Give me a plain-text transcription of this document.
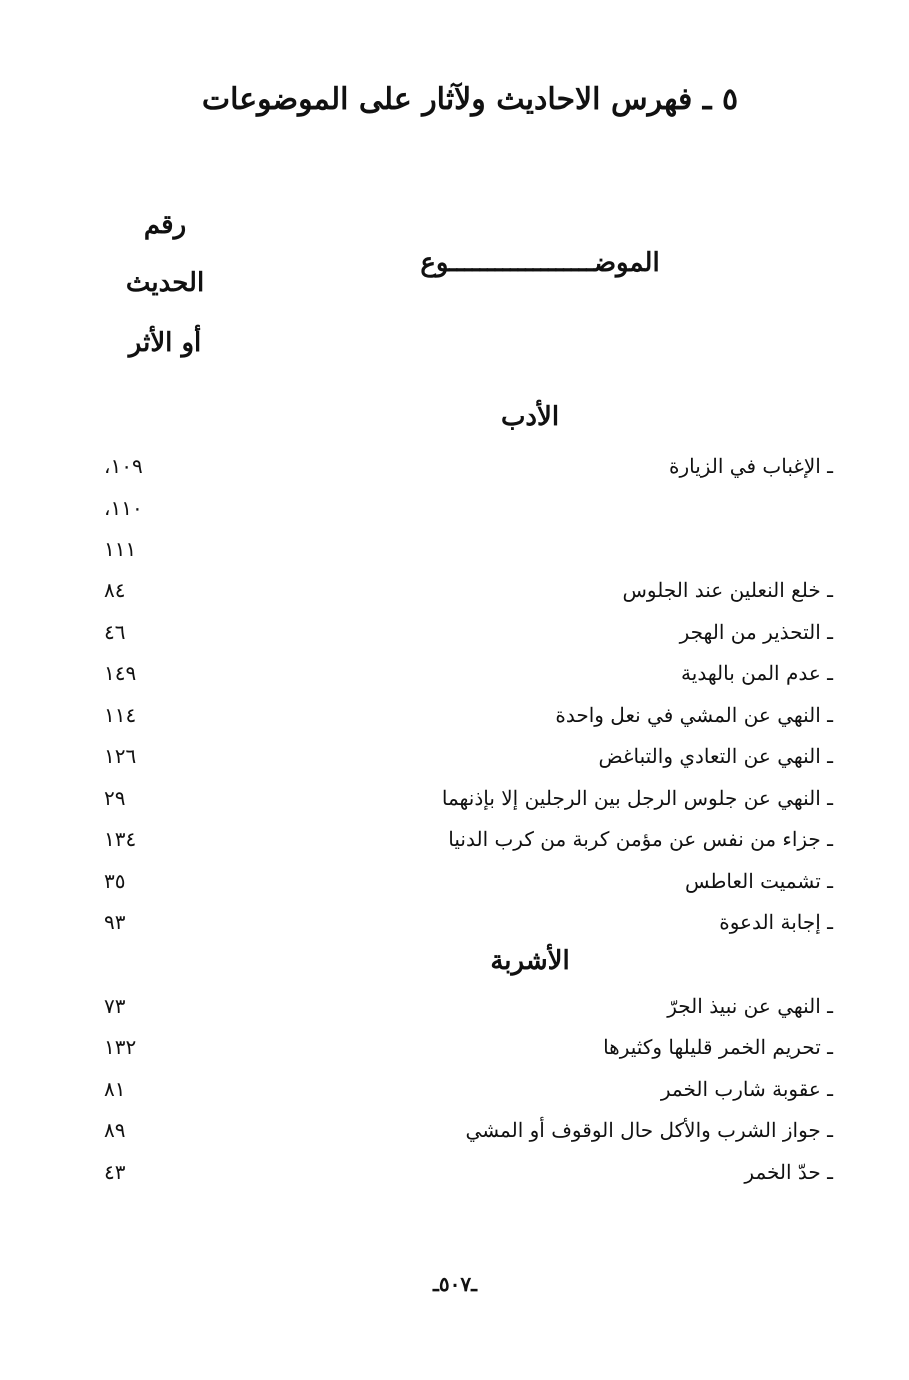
٥ ـ فهرس الاحاديث ولآثار على الموضوعات
رقم
الحديث
أو الأثر
الموضـــــــــــــــــــوع
الأدب
ـ الإغباب في الزيارة
١٠٩،
١١٠،
١١١
ـ خلع النعلين عند الجلوس
٨٤
ـ التحذير من الهجر
٤٦
ـ عدم المن بالهدية
١٤٩
ـ النهي عن المشي في نعل واحدة
١١٤
ـ النهي عن التعادي والتباغض
١٢٦
ـ النهي عن جلوس الرجل بين الرجلين إلا بإذنهما
٢٩
ـ جزاء من نفس عن مؤمن كربة من كرب الدنيا
١٣٤
ـ تشميت العاطس
٣٥
ـ إجابة الدعوة
٩٣
الأشربة
ـ النهي عن نبيذ الجرّ
٧٣
ـ تحريم الخمر قليلها وكثيرها
١٣٢
ـ عقوبة شارب الخمر
٨١
ـ جواز الشرب والأكل حال الوقوف أو المشي
٨٩
ـ حدّ الخمر
٤٣
ـ٥٠٧ـ
